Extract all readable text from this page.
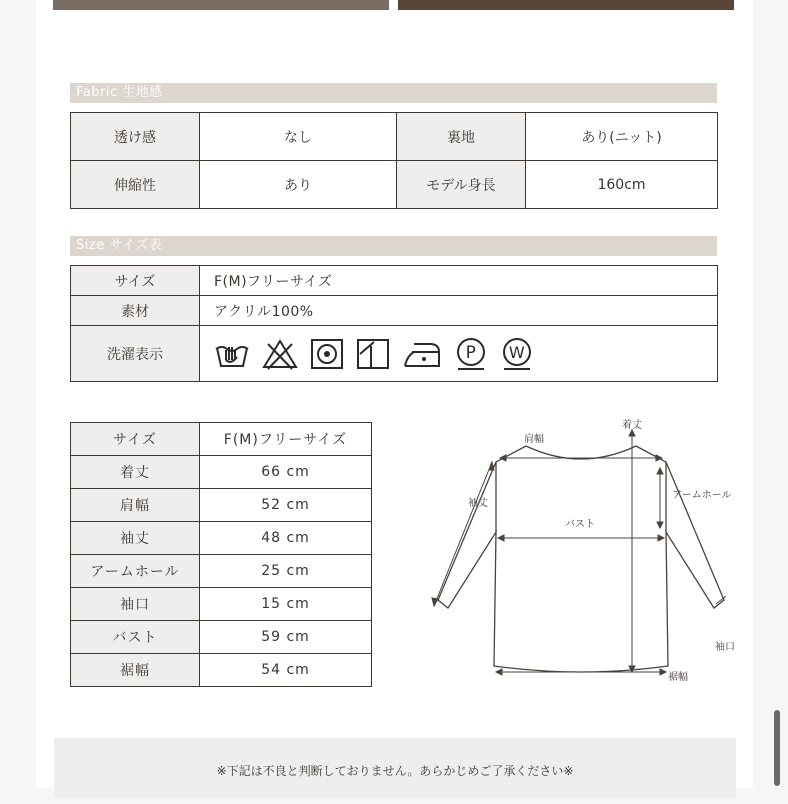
Fabric 生地感
透け感	なし	裏地	あり(ニット)
伸縮性	あり	モデル身長	160cm
Size サイズ表
サイズ	F(M)フリーサイズ
素材	アクリル100%
洗濯表示	P W
サイズ	F(M)フリーサイズ
着丈	66 cm
肩幅	52 cm
袖丈	48 cm
アームホール	25 cm
袖口	15 cm
バスト	59 cm
裾幅	54 cm
着丈
肩幅
袖丈
アームホール
バスト
袖口
裾幅
※下記は不良と判断しておりません。あらかじめご了承ください※
